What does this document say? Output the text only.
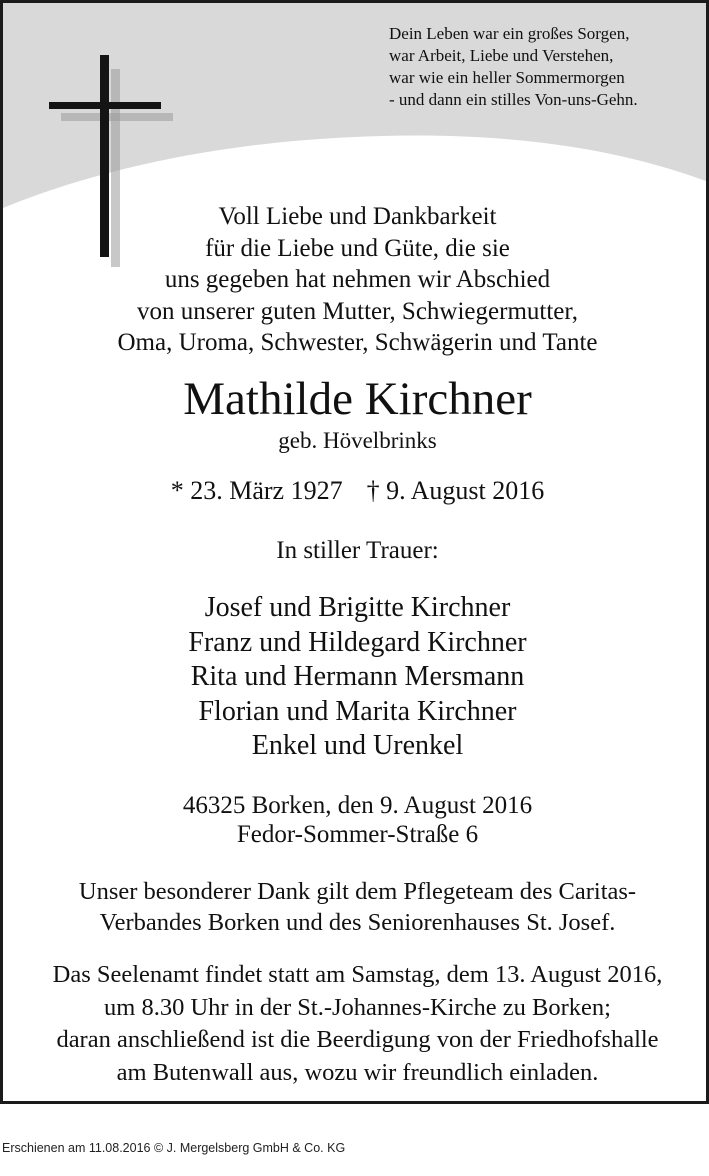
Dein Leben war ein großes Sorgen,
war Arbeit, Liebe und Verstehen,
war wie ein heller Sommermorgen
- und dann ein stilles Von-uns-Gehn.
Voll Liebe und Dankbarkeit
für die Liebe und Güte, die sie
uns gegeben hat nehmen wir Abschied
von unserer guten Mutter, Schwiegermutter,
Oma, Uroma, Schwester, Schwägerin und Tante
Mathilde Kirchner
geb. Hövelbrinks
* 23. März 1927 † 9. August 2016
In stiller Trauer:
Josef und Brigitte Kirchner
Franz und Hildegard Kirchner
Rita und Hermann Mersmann
Florian und Marita Kirchner
Enkel und Urenkel
46325 Borken, den 9. August 2016
Fedor-Sommer-Straße 6
Unser besonderer Dank gilt dem Pflegeteam des Caritas-
Verbandes Borken und des Seniorenhauses St. Josef.
Das Seelenamt findet statt am Samstag, dem 13. August 2016,
um 8.30 Uhr in der St.-Johannes-Kirche zu Borken;
daran anschließend ist die Beerdigung von der Friedhofshalle
am Butenwall aus, wozu wir freundlich einladen.
Erschienen am 11.08.2016 © J. Mergelsberg GmbH & Co. KG
